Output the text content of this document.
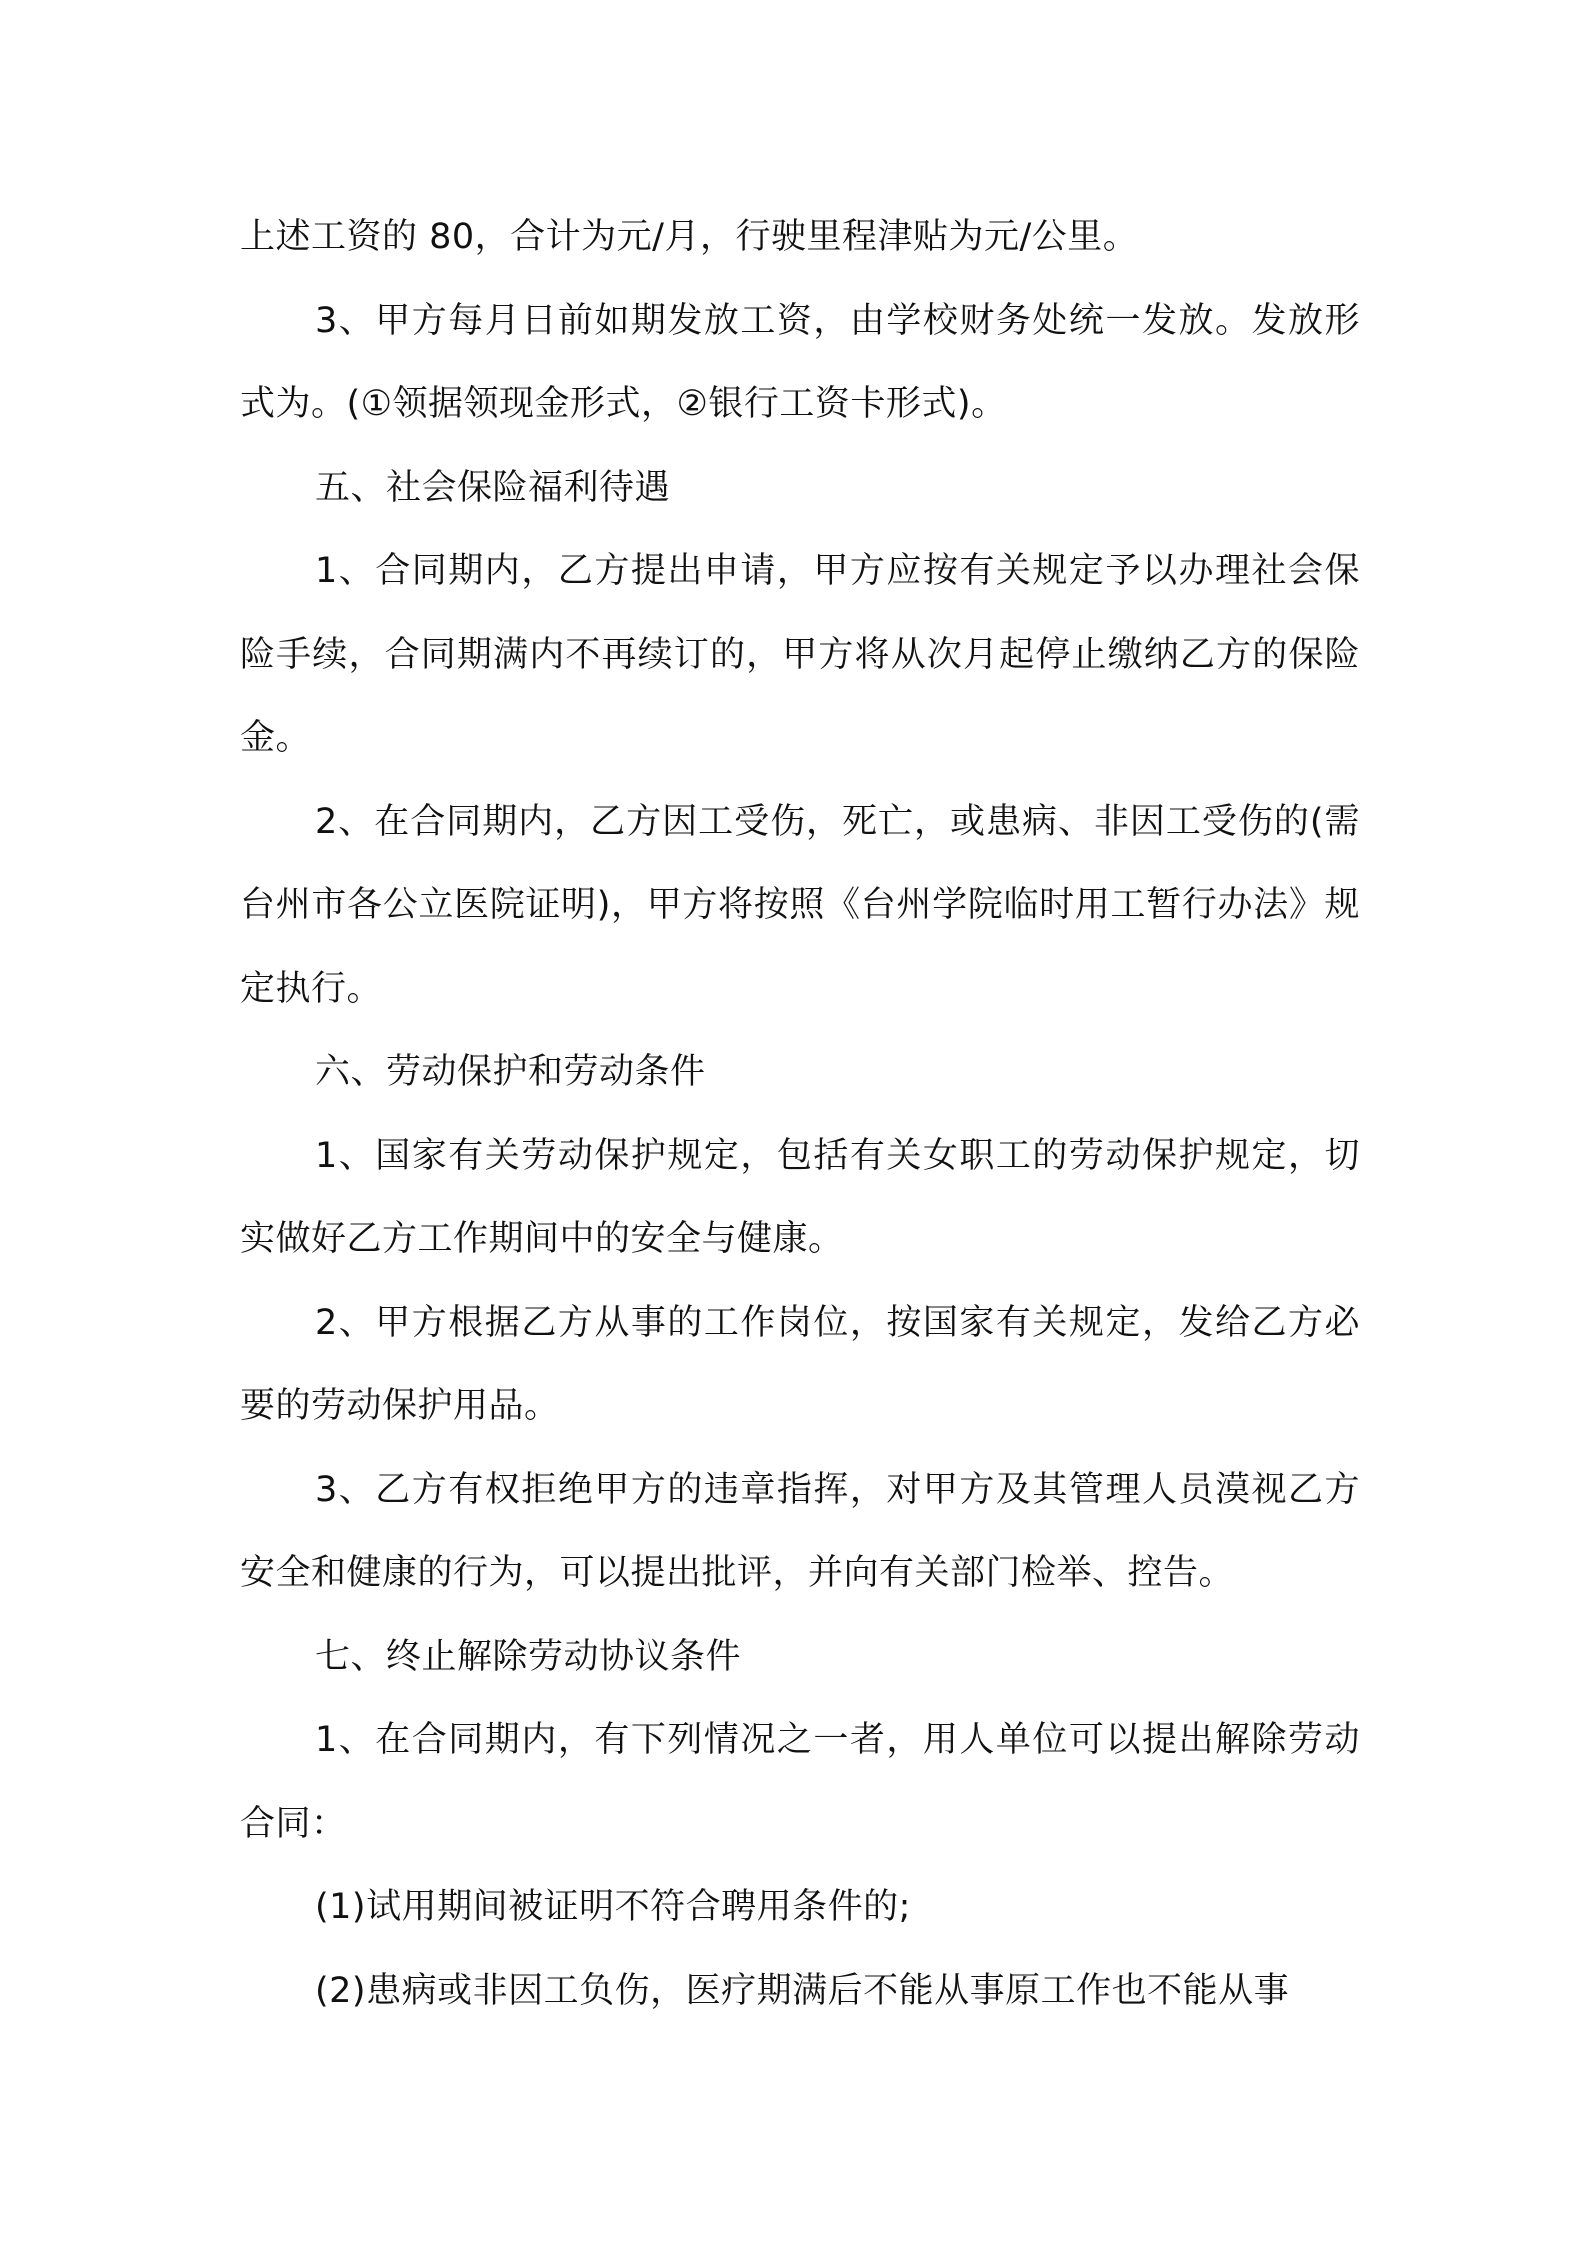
上述工资的 80，合计为元/月，行驶里程津贴为元/公里。

3、甲方每月日前如期发放工资，由学校财务处统一发放。发放形式为。(①领据领现金形式，②银行工资卡形式)。

五、社会保险福利待遇

1、合同期内，乙方提出申请，甲方应按有关规定予以办理社会保险手续，合同期满内不再续订的，甲方将从次月起停止缴纳乙方的保险金。

2、在合同期内，乙方因工受伤，死亡，或患病、非因工受伤的(需台州市各公立医院证明)，甲方将按照《台州学院临时用工暂行办法》规定执行。

六、劳动保护和劳动条件

1、国家有关劳动保护规定，包括有关女职工的劳动保护规定，切实做好乙方工作期间中的安全与健康。

2、甲方根据乙方从事的工作岗位，按国家有关规定，发给乙方必要的劳动保护用品。

3、乙方有权拒绝甲方的违章指挥，对甲方及其管理人员漠视乙方安全和健康的行为，可以提出批评，并向有关部门检举、控告。

七、终止解除劳动协议条件

1、在合同期内，有下列情况之一者，用人单位可以提出解除劳动合同：

(1)试用期间被证明不符合聘用条件的;

(2)患病或非因工负伤，医疗期满后不能从事原工作也不能从事
